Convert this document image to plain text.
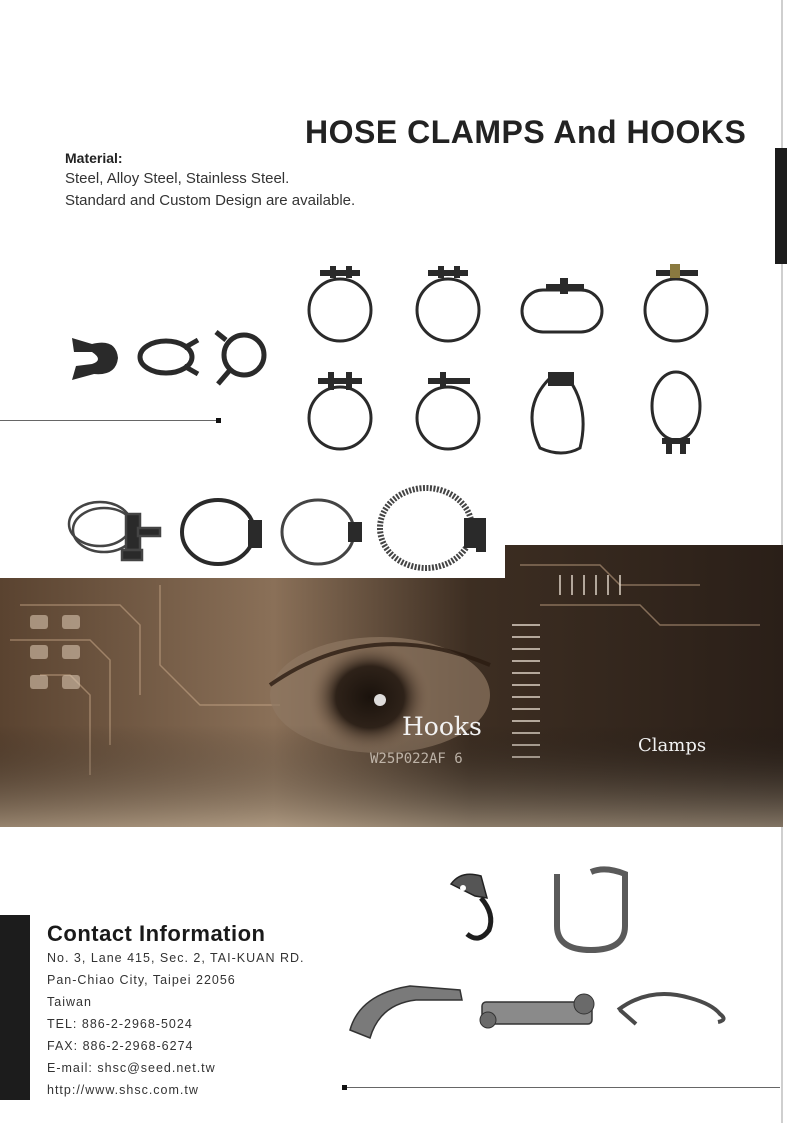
HOSE CLAMPS And HOOKS
Material:
Steel, Alloy Steel, Stainless Steel.
Standard and Custom Design are available.
Hooks
Clamps
W25P022AF 6
Contact Information
No. 3, Lane 415, Sec. 2, TAI-KUAN RD.
Pan-Chiao City, Taipei 22056
Taiwan
TEL: 886-2-2968-5024
FAX: 886-2-2968-6274
E-mail: shsc@seed.net.tw
http://www.shsc.com.tw
